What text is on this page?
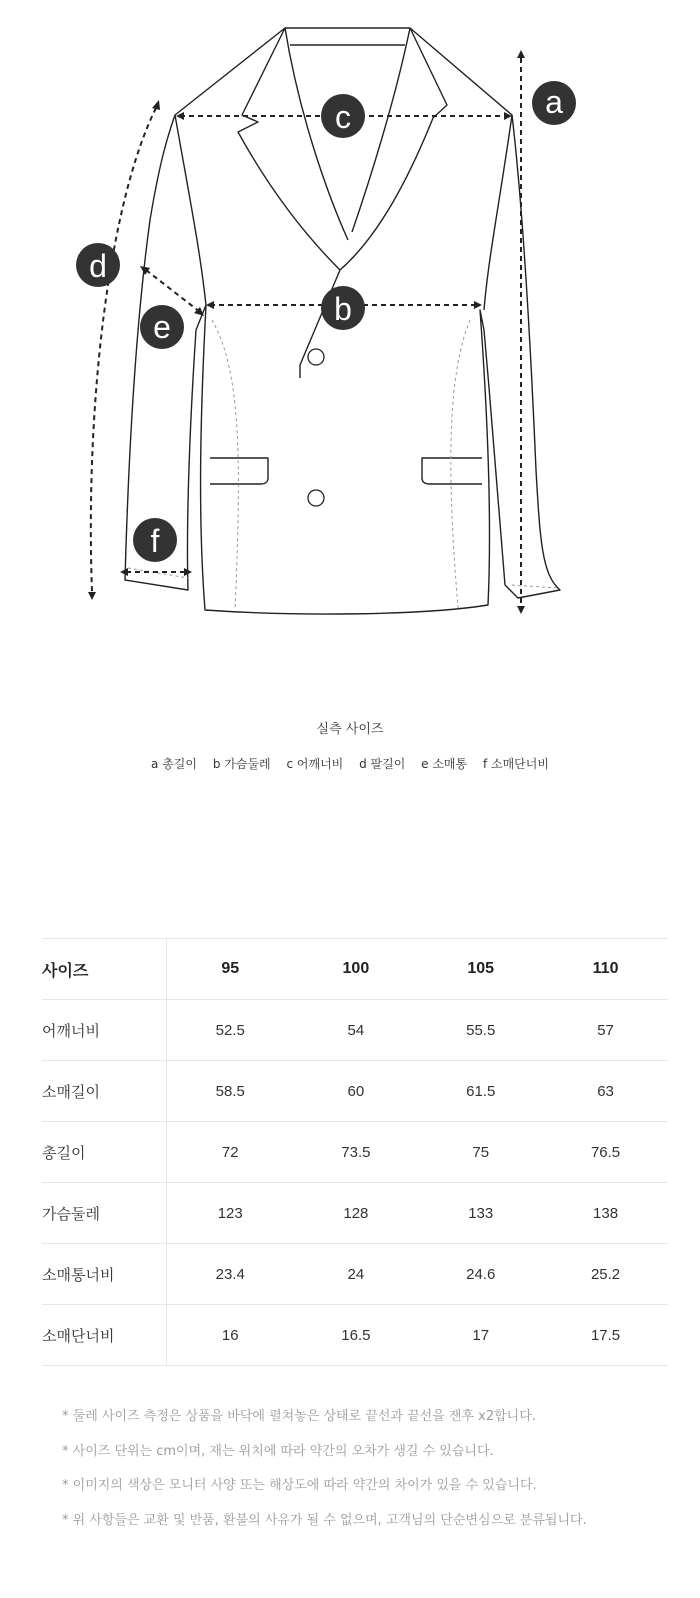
c	a
b
d
e
f
실측 사이즈
a 총길이 b 가슴둘레 c 어깨너비 d 팔길이 e 소매통 f 소매단너비
사이즈	95	100	105	110
어깨너비	52.5	54	55.5	57
소매길이	58.5	60	61.5	63
총길이	72	73.5	75	76.5
가슴둘레	123	128	133	138
소매통너비	23.4	24	24.6	25.2
소매단너비	16	16.5	17	17.5
* 둘레 사이즈 측정은 상품을 바닥에 펼쳐놓은 상태로 끝선과 끝선을 잰후 x2합니다.
* 사이즈 단위는 cm이며, 재는 위치에 따라 약간의 오차가 생길 수 있습니다.
* 이미지의 색상은 모니터 사양 또는 해상도에 따라 약간의 차이가 있을 수 있습니다.
* 위 사항들은 교환 및 반품, 환불의 사유가 될 수 없으며, 고객님의 단순변심으로 분류됩니다.
